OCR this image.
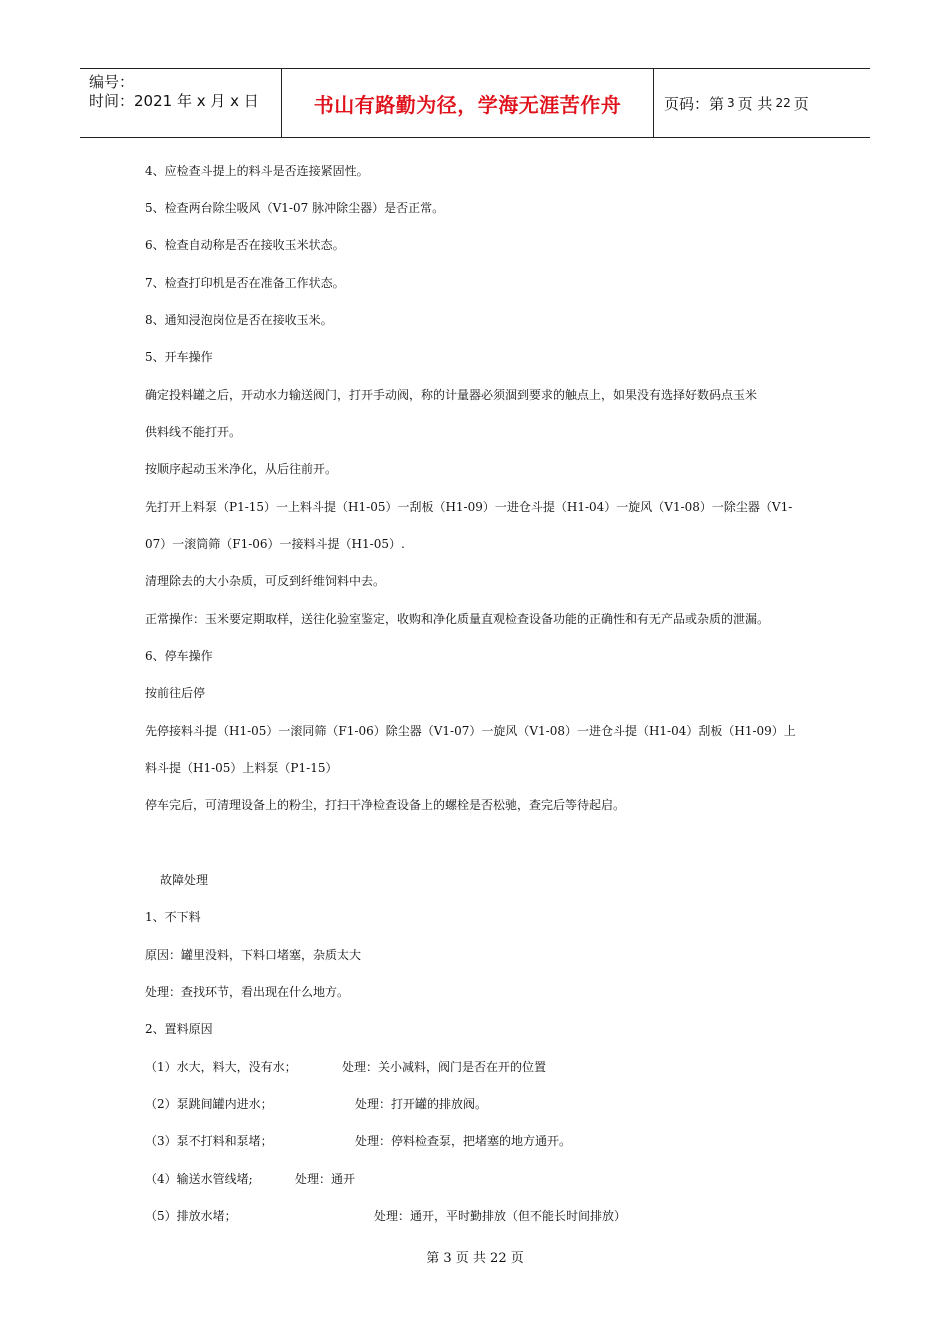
编号：
时间：2021 年 x 月 x 日	书山有路勤为径，学海无涯苦作舟	页码：第 3 页 共 22 页
4、应检查斗提上的料斗是否连接紧固性。
5、检查两台除尘吸风（V1-07 脉冲除尘器）是否正常。
6、检查自动称是否在接收玉米状态。
7、检查打印机是否在准备工作状态。
8、通知浸泡岗位是否在接收玉米。
5、开车操作
确定投料罐之后，开动水力输送阀门，打开手动阀，称的计量器必须涸到要求的触点上，如果没有选择好数码点玉米
供料线不能打开。
按顺序起动玉米净化，从后往前开。
先打开上料泵（P1-15）一上料斗提（H1-05）一刮板（H1-09）一进仓斗提（H1-04）一旋风（V1-08）一除尘器（V1-
07）一滚筒筛（F1-06）一接料斗提（H1-05）.
清理除去的大小杂质，可反到纤维饲料中去。
正常操作：玉米要定期取样，送往化验室鉴定，收购和净化质量直观检查设备功能的正确性和有无产品或杂质的泄漏。
6、停车操作
按前往后停
先停接料斗提（H1-05）一滚同筛（F1-06）除尘器（V1-07）一旋风（V1-08）一进仓斗提（H1-04）刮板（H1-09）上
料斗提（H1-05）上料泵（P1-15）
停车完后，可清理设备上的粉尘，打扫干净检查设备上的螺栓是否松驰，查完后等待起启。
故障处理
1、不下料
原因：罐里没料，下料口堵塞，杂质太大
处理：查找环节，看出现在什么地方。
2、置料原因
（1）水大，料大，没有水；	处理：关小减料，阀门是否在开的位置
（2）泵跳间罐内进水；	处理：打开罐的排放阀。
（3）泵不打料和泵堵；	处理：停料检查泵，把堵塞的地方通开。
（4）输送水管线堵;	处理：通开
（5）排放水堵；	处理：通开，平时勤排放（但不能长时间排放）
第 3 页 共 22 页
